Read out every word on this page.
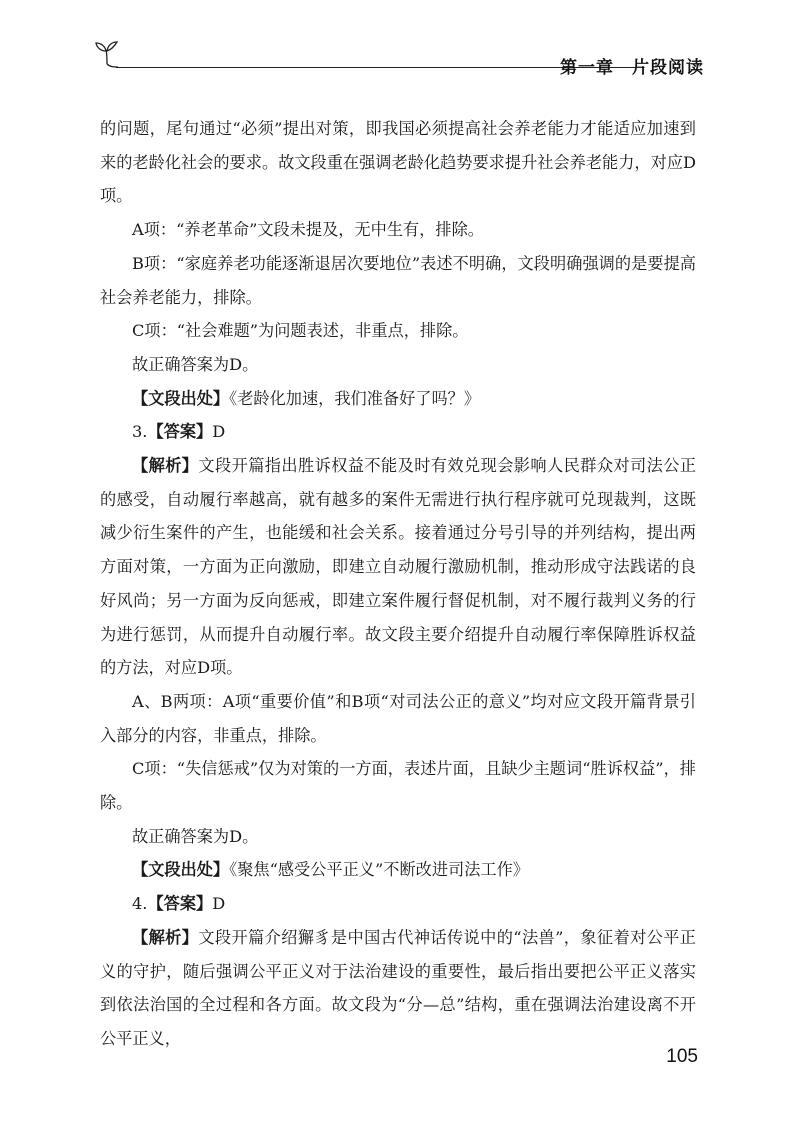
第一章　片段阅读

的问题，尾句通过“必须”提出对策，即我国必须提高社会养老能力才能适应加速到来的老龄化社会的要求。故文段重在强调老龄化趋势要求提升社会养老能力，对应D项。

A项：“养老革命”文段未提及，无中生有，排除。

B项：“家庭养老功能逐渐退居次要地位”表述不明确，文段明确强调的是要提高社会养老能力，排除。

C项：“社会难题”为问题表述，非重点，排除。

故正确答案为D。

【文段出处】《老龄化加速，我们准备好了吗？》

3.【答案】D

【解析】文段开篇指出胜诉权益不能及时有效兑现会影响人民群众对司法公正的感受，自动履行率越高，就有越多的案件无需进行执行程序就可兑现裁判，这既减少衍生案件的产生，也能缓和社会关系。接着通过分号引导的并列结构，提出两方面对策，一方面为正向激励，即建立自动履行激励机制，推动形成守法践诺的良好风尚；另一方面为反向惩戒，即建立案件履行督促机制，对不履行裁判义务的行为进行惩罚，从而提升自动履行率。故文段主要介绍提升自动履行率保障胜诉权益的方法，对应D项。

A、B两项：A项“重要价值”和B项“对司法公正的意义”均对应文段开篇背景引入部分的内容，非重点，排除。

C项：“失信惩戒”仅为对策的一方面，表述片面，且缺少主题词“胜诉权益”，排除。

故正确答案为D。

【文段出处】《聚焦“感受公平正义”不断改进司法工作》

4.【答案】D

【解析】文段开篇介绍獬豸是中国古代神话传说中的“法兽”，象征着对公平正义的守护，随后强调公平正义对于法治建设的重要性，最后指出要把公平正义落实到依法治国的全过程和各方面。故文段为“分—总”结构，重在强调法治建设离不开公平正义，

105
